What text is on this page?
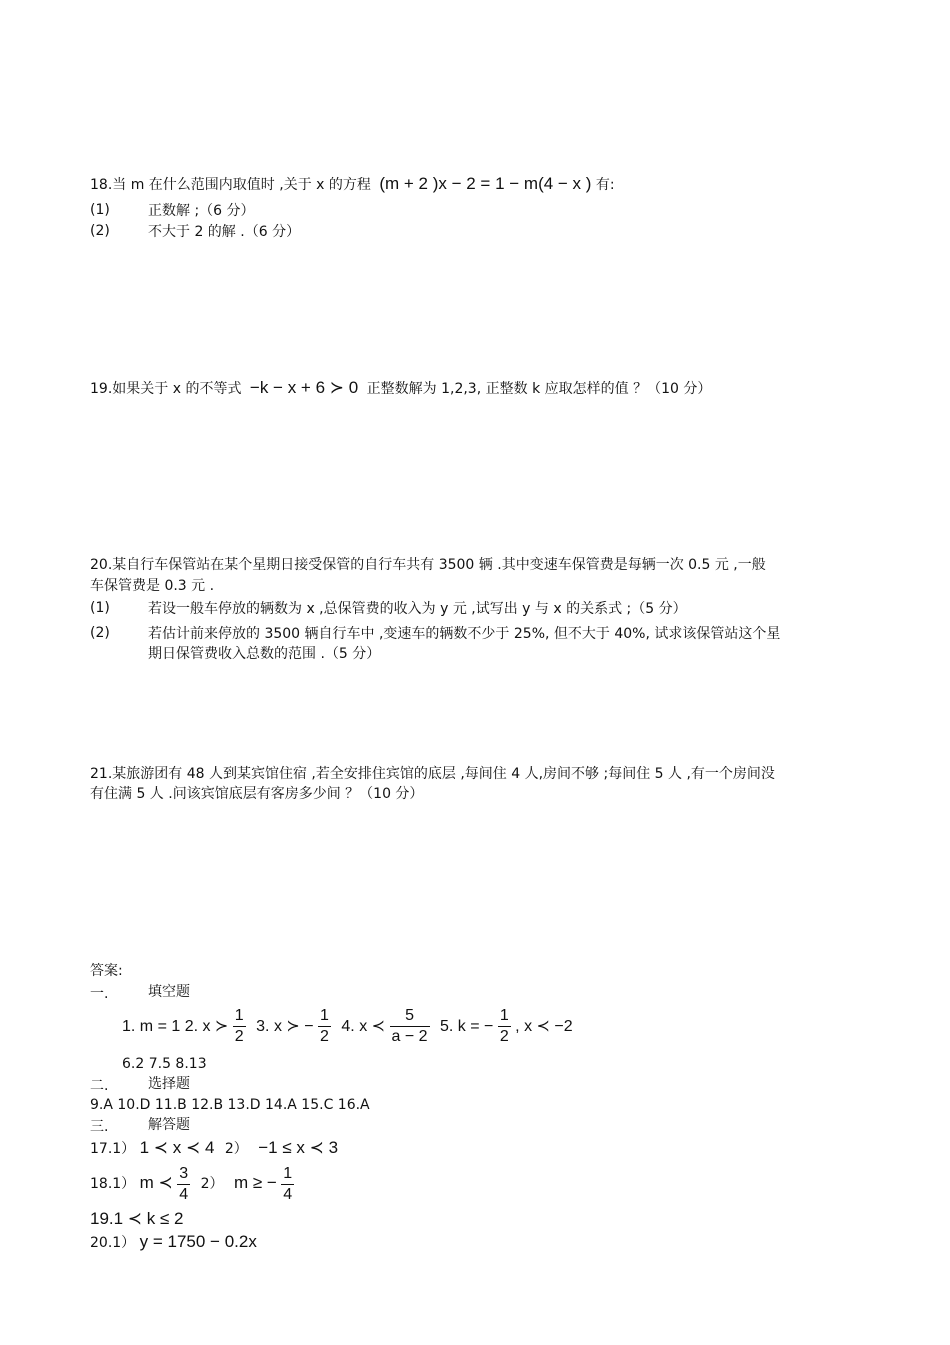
18.当 m 在什么范围内取值时 ,关于 x 的方程 (m + 2 )x − 2 = 1 − m(4 − x ) 有:
(1)	正数解 ;（6 分）
(2)	不大于 2 的解 .（6 分）
19.如果关于 x 的不等式 −k − x + 6 ≻ 0 正整数解为 1,2,3, 正整数 k 应取怎样的值 ？（10 分）
20.某自行车保管站在某个星期日接受保管的自行车共有 3500 辆 .其中变速车保管费是每辆一次 0.5 元 ,一般
车保管费是 0.3 元 .
(1)	若设一般车停放的辆数为 x ,总保管费的收入为 y 元 ,试写出 y 与 x 的关系式 ;（5 分）
(2)	若估计前来停放的 3500 辆自行车中 ,变速车的辆数不少于 25%, 但不大于 40%, 试求该保管站这个星
期日保管费收入总数的范围 .（5 分）
21.某旅游团有 48 人到某宾馆住宿 ,若全安排住宾馆的底层 ,每间住 4 人,房间不够 ;每间住 5 人 ,有一个房间没
有住满 5 人 .问该宾馆底层有客房多少间 ？（10 分）
答案:
一.	填空题
1. m = 1 2. x ≻ $\frac{1}{2} 3$. x ≻ − $\frac{1}{2} 4$. x ≺ $\frac{5}{a - 2} 5$. k = − $\frac{1}{2}$ , x ≺ −2
6.2 7.5 8.13
二.	选择题
9.A 10.D 11.B 12.B 13.D 14.A 15.C 16.A
三.	解答题
17.1） 1 ≺ x ≺ 4 2） −1 ≤ x ≺ 3
18.1） m ≺ $\frac{3}{4} 2$） m ≥ − $\frac{1}{4}$
19.1 ≺ k ≤ 2
20.1） y = 1750 − 0.2x
